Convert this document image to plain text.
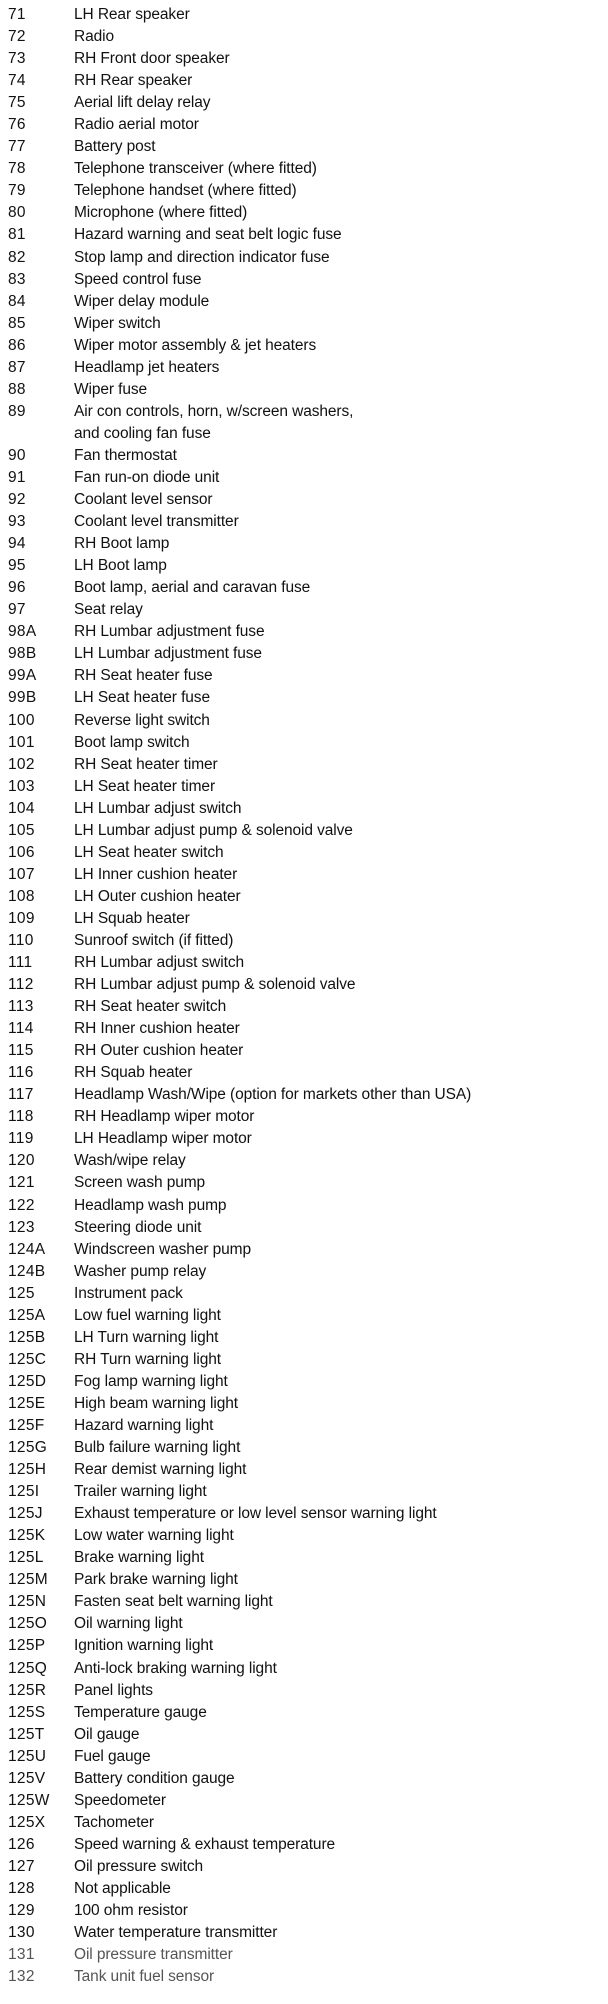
71	LH Rear speaker
72	Radio
73	RH Front door speaker
74	RH Rear speaker
75	Aerial lift delay relay
76	Radio aerial motor
77	Battery post
78	Telephone transceiver (where fitted)
79	Telephone handset (where fitted)
80	Microphone (where fitted)
81	Hazard warning and seat belt logic fuse
82	Stop lamp and direction indicator fuse
83	Speed control fuse
84	Wiper delay module
85	Wiper switch
86	Wiper motor assembly & jet heaters
87	Headlamp jet heaters
88	Wiper fuse
89	Air con controls, horn, w/screen washers,
and cooling fan fuse
90	Fan thermostat
91	Fan run-on diode unit
92	Coolant level sensor
93	Coolant level transmitter
94	RH Boot lamp
95	LH Boot lamp
96	Boot lamp, aerial and caravan fuse
97	Seat relay
98A RH Lumbar adjustment fuse
98B LH Lumbar adjustment fuse
99A RH Seat heater fuse
99B LH Seat heater fuse
100	Reverse light switch
101	Boot lamp switch
102	RH Seat heater timer
103	LH Seat heater timer
104	LH Lumbar adjust switch
105	LH Lumbar adjust pump & solenoid valve
106	LH Seat heater switch
107	LH Inner cushion heater
108	LH Outer cushion heater
109	LH Squab heater
110	Sunroof switch (if fitted)
111	RH Lumbar adjust switch
112	RH Lumbar adjust pump & solenoid valve
113	RH Seat heater switch
114	RH Inner cushion heater
115	RH Outer cushion heater
116	RH Squab heater
117	Headlamp Wash/Wipe (option for markets other than USA)
118	RH Headlamp wiper motor
119	LH Headlamp wiper motor
120	Wash/wipe relay
121	Screen wash pump
122	Headlamp wash pump
123	Steering diode unit
124A Windscreen washer pump
124B Washer pump relay
125	Instrument pack
125A Low fuel warning light
125B LH Turn warning light
125C RH Turn warning light
125D Fog lamp warning light
125E High beam warning light
125F Hazard warning light
125G Bulb failure warning light
125H Rear demist warning light
125I Trailer warning light
125J Exhaust temperature or low level sensor warning light
125K Low water warning light
125L Brake warning light
125M Park brake warning light
125N Fasten seat belt warning light
125O Oil warning light
125P Ignition warning light
125Q Anti-lock braking warning light
125R Panel lights
125S Temperature gauge
125T Oil gauge
125U Fuel gauge
125V Battery condition gauge
125W Speedometer
125X Tachometer
126	Speed warning & exhaust temperature
127	Oil pressure switch
128	Not applicable
129	100 ohm resistor
130	Water temperature transmitter
131	Oil pressure transmitter
132	Tank unit fuel sensor
